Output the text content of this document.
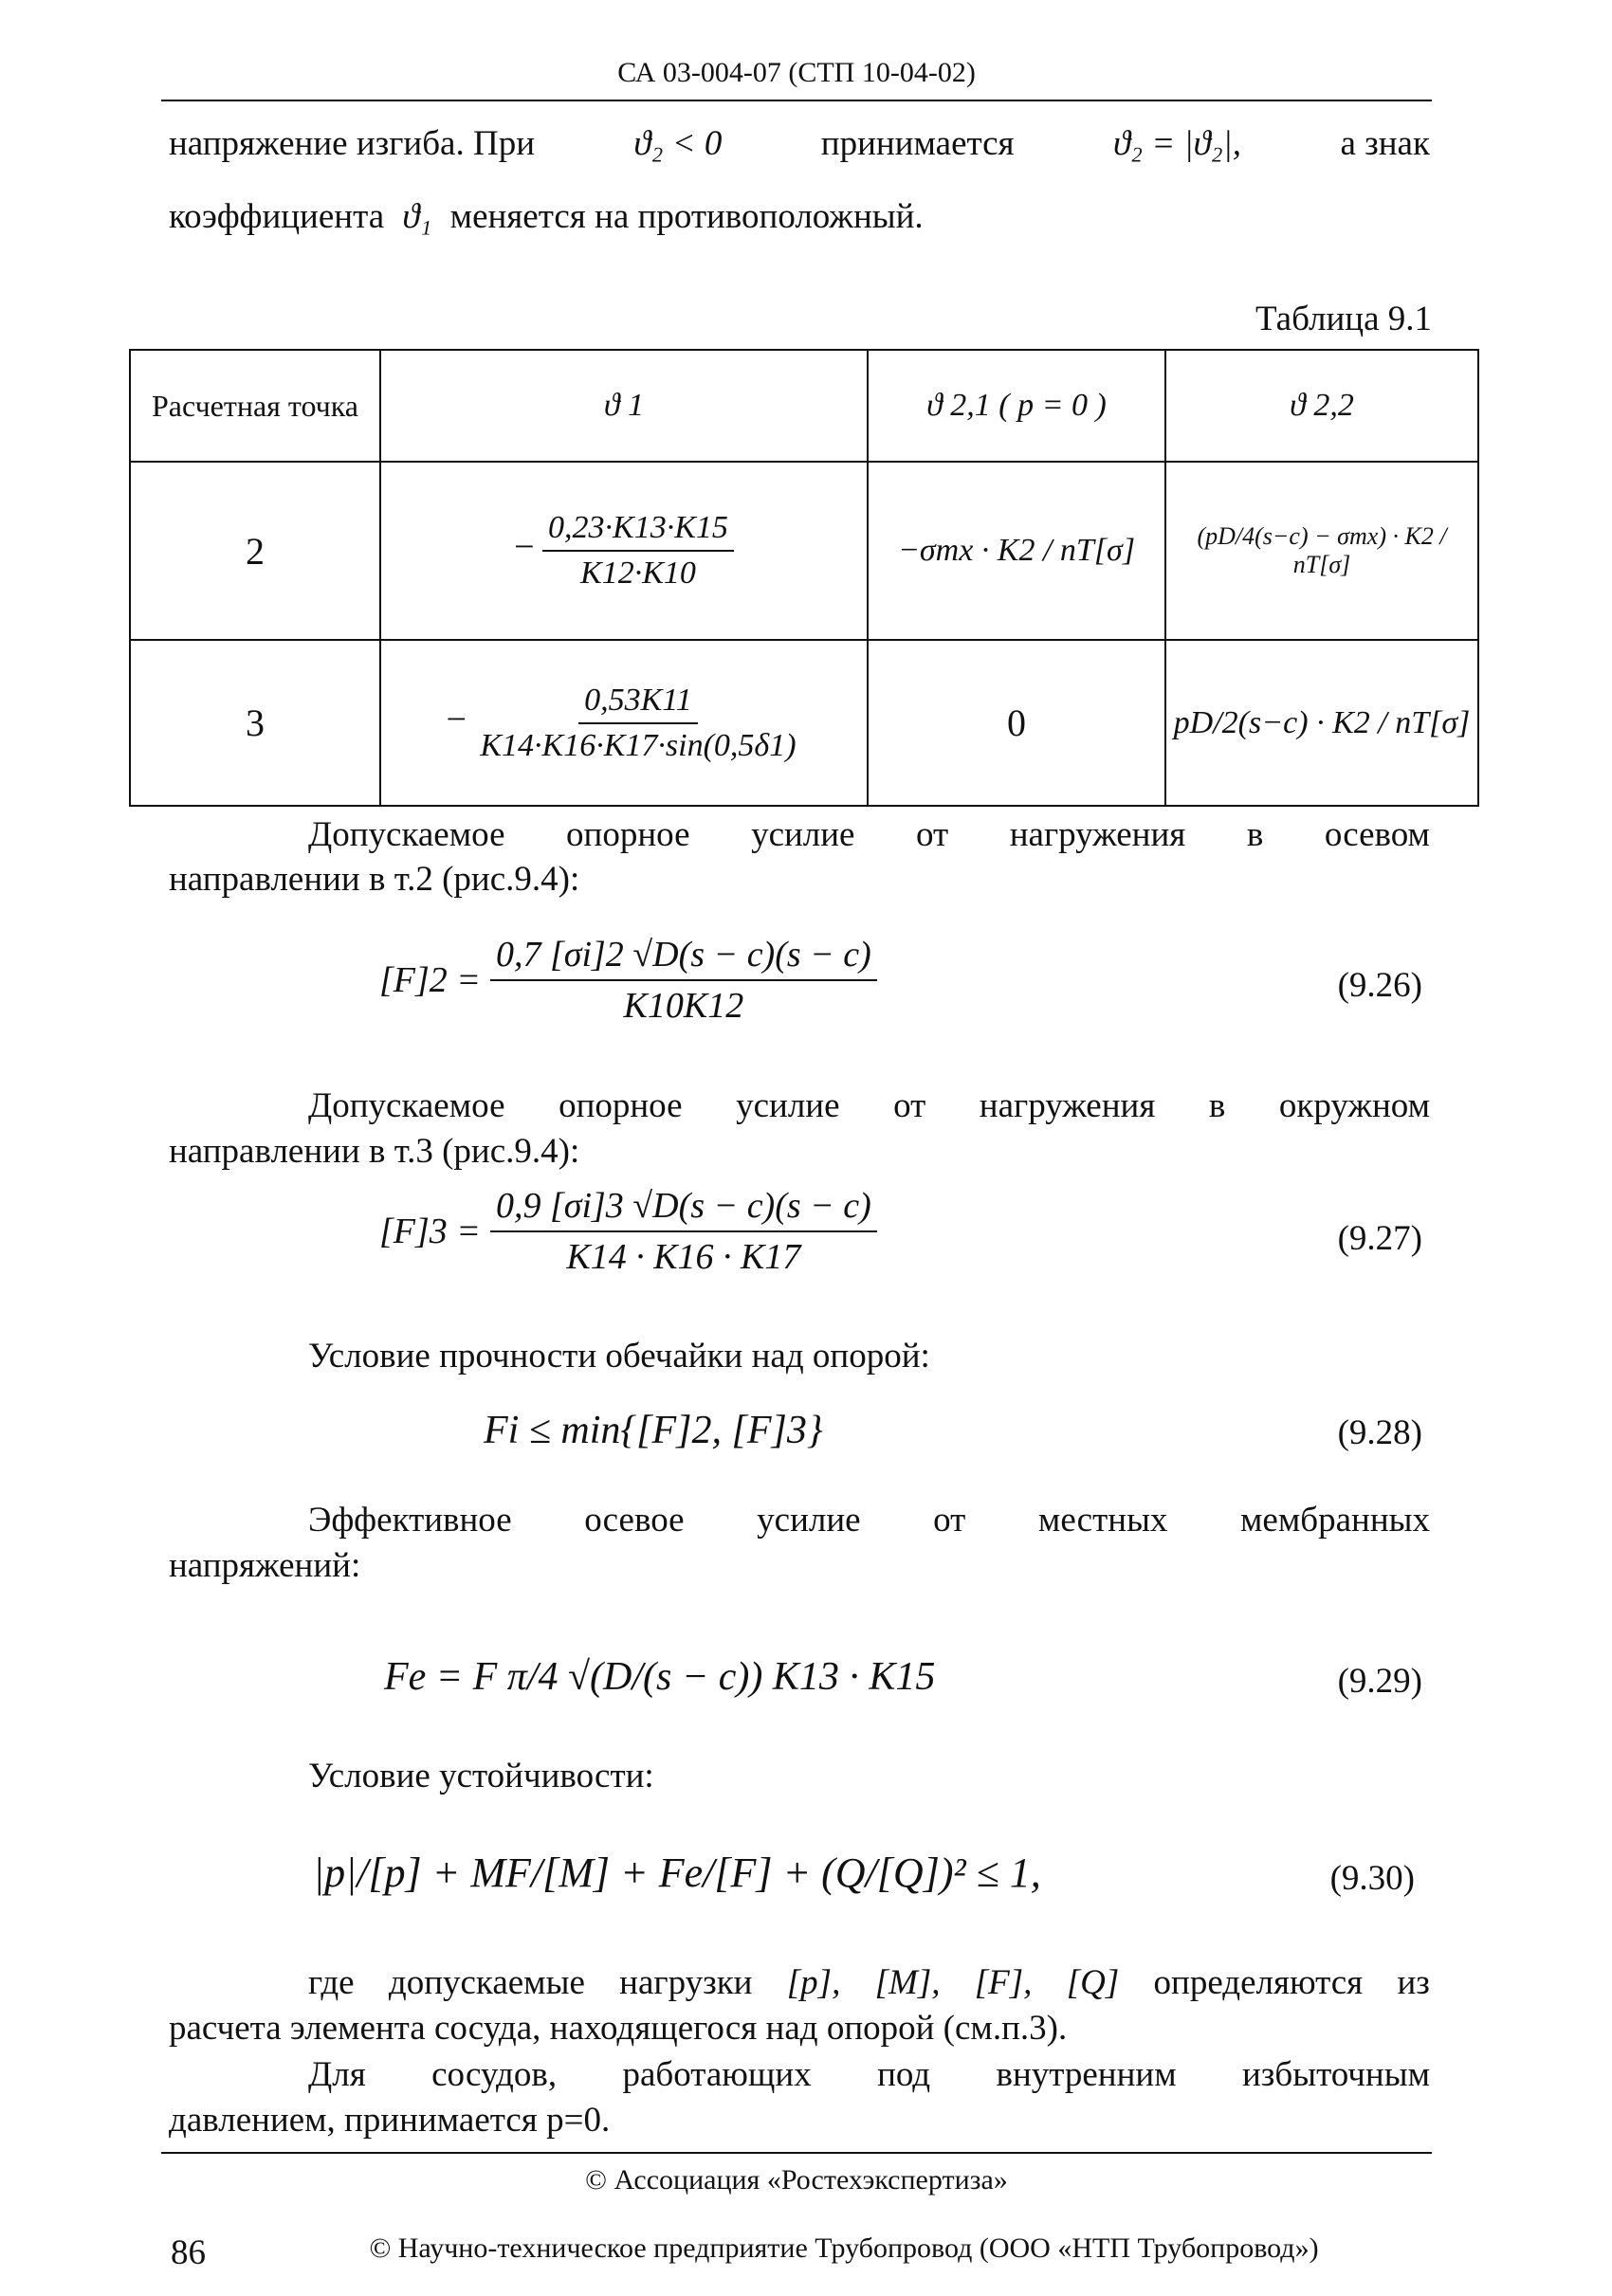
СА 03-004-07 (СТП 10-04-02)
напряжение изгиба. При	ϑ₂ < 0	принимается	ϑ₂ = |ϑ₂|,	а знак
коэффициента ϑ₁ меняется на противоположный.
Таблица 9.1
Расчетная точка	ϑ 1	ϑ 2,1 ( p = 0 )	ϑ 2,2
2	− $\frac{0,23\cdot K13\cdot K15}{K12\cdot K10}$	−σmx · K2 / nT[σ]	(pD/4(s−c) − σmx) · K2 / nT[σ]
3	− $\frac{0,53K11}{K14\cdot K16\cdot K17\cdot\sin(0,5\delta 1)}$	0	pD/2(s−c) · K2 / nT[σ]
Допускаемое опорное усилие от нагружения в осевом
направлении в т.2 (рис.9.4):
$[F]2 = \frac{0,7 [\sigma i]2 √D(s - c)(s - c)}{K10K12}$	(9.26)
Допускаемое опорное усилие от нагружения в окружном
направлении в т.3 (рис.9.4):
$[F]3 = \frac{0,9 [\sigma i]3 √D(s - c)(s - c)}{K14 \cdot K16 \cdot K17}$	(9.27)
Условие прочности обечайки над опорой:
Fi ≤ min{[F]2, [F]3}	(9.28)
Эффективное осевое усилие от местных мембранных
напряжений:
Fe = F π/4 √(D/(s − c)) K13 · K15	(9.29)
Условие устойчивости:
|p|/[p] + MF/[M] + Fe/[F] + (Q/[Q])² ≤ 1,	(9.30)
где допускаемые нагрузки [p], [M], [F], [Q] определяются из
расчета элемента сосуда, находящегося над опорой (см.п.3).
Для сосудов, работающих под внутренним избыточным
давлением, принимается p=0.
© Ассоциация «Ростехэкспертиза»
86	© Научно-техническое предприятие Трубопровод (ООО «НТП Трубопровод»)
